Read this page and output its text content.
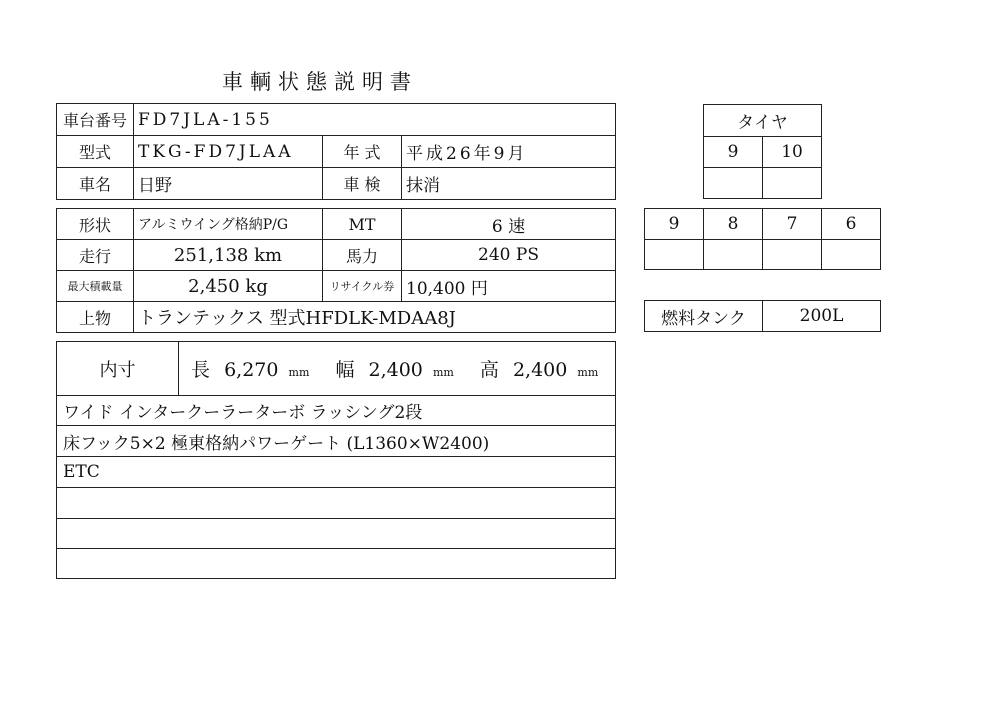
車輌状態説明書
車台番号	FD7JLA-155		
型式	TKG-FD7JLAA	年 式	平成26年9月
車名	日野	車 検	抹消
形状	アルミウイング格納P/G	MT	6 速
走行	251,138 km	馬力	240 PS
最大積載量	2,450 kg	リサイクル券	10,400 円
上物	トランテックス 型式HFDLK-MDAA8J		
内寸	長 6,270 mm 幅 2,400 mm 高 2,400 mm
ワイド インタークーラーターボ ラッシング2段
床フック5×2 極東格納パワーゲート (L1360×W2400)
ETC

タイヤ	
9	10

9	8	7	6

燃料タンク	200L
